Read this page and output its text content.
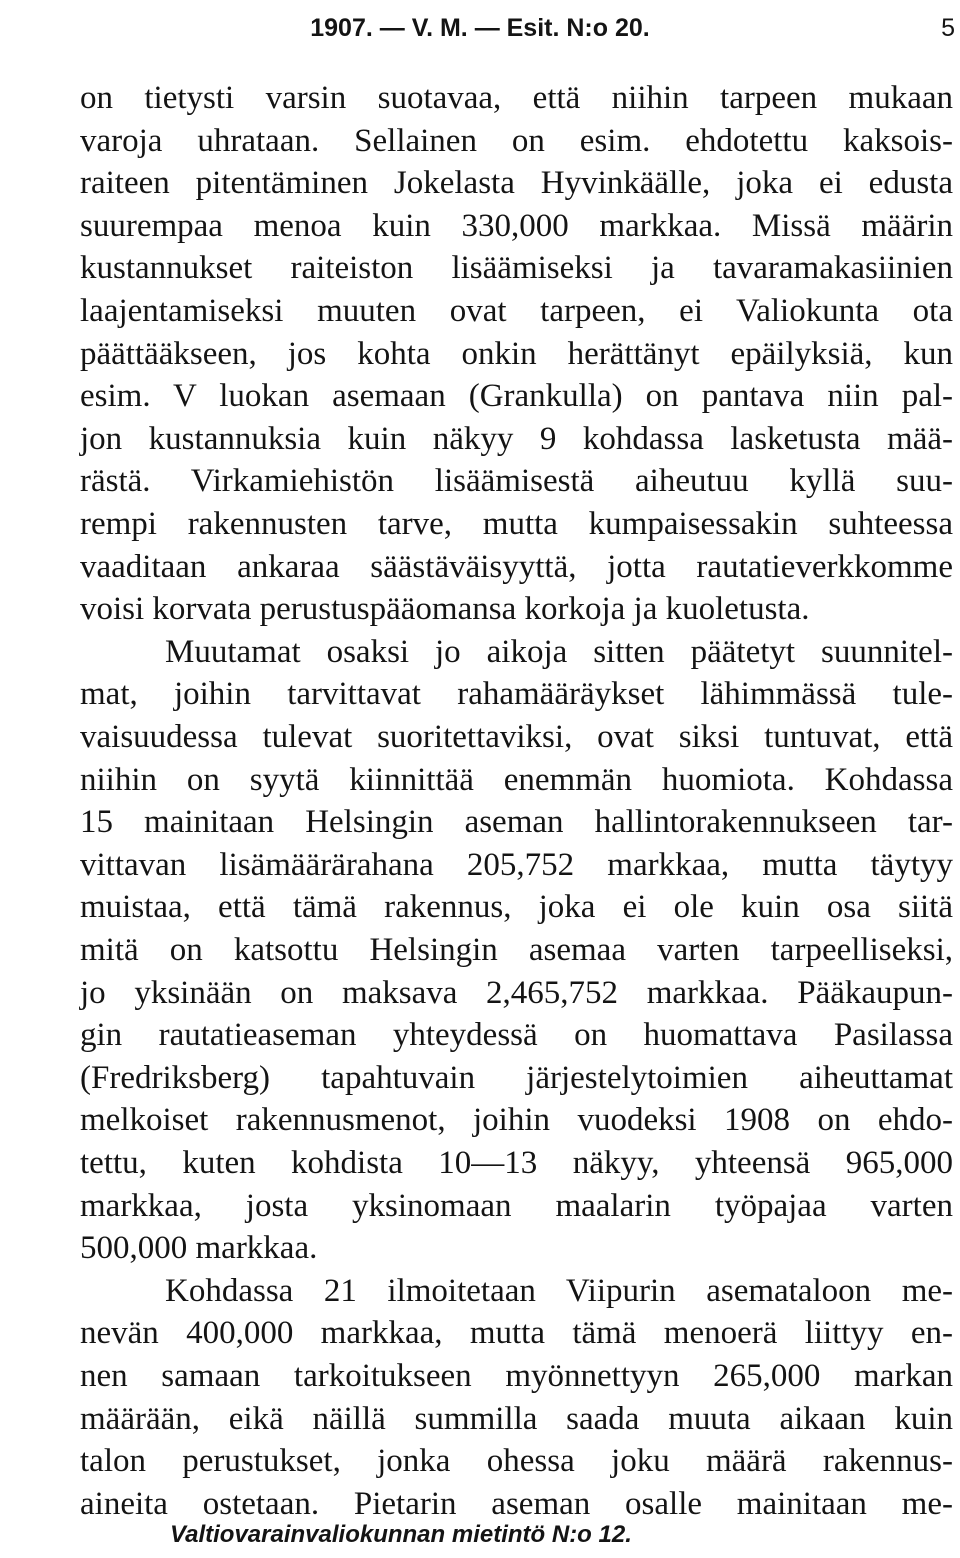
1907. — V. M. — Esit. N:o 20.	5
on tietysti varsin suotavaa, että niihin tarpeen mukaan
varoja uhrataan. Sellainen on esim. ehdotettu kaksois-
raiteen pitentäminen Jokelasta Hyvinkäälle, joka ei edusta
suurempaa menoa kuin 330,000 markkaa. Missä määrin
kustannukset raiteiston lisäämiseksi ja tavaramakasiinien
laajentamiseksi muuten ovat tarpeen, ei Valiokunta ota
päättääkseen, jos kohta onkin herättänyt epäilyksiä, kun
esim. V luokan asemaan (Grankulla) on pantava niin pal-
jon kustannuksia kuin näkyy 9 kohdassa lasketusta mää-
rästä. Virkamiehistön lisäämisestä aiheutuu kyllä suu-
rempi rakennusten tarve, mutta kumpaisessakin suhteessa
vaaditaan ankaraa säästäväisyyttä, jotta rautatieverkkomme
voisi korvata perustuspääomansa korkoja ja kuoletusta.
Muutamat osaksi jo aikoja sitten päätetyt suunnitel-
mat, joihin tarvittavat rahamääräykset lähimmässä tule-
vaisuudessa tulevat suoritettaviksi, ovat siksi tuntuvat, että
niihin on syytä kiinnittää enemmän huomiota. Kohdassa
15 mainitaan Helsingin aseman hallintorakennukseen tar-
vittavan lisämäärärahana 205,752 markkaa, mutta täytyy
muistaa, että tämä rakennus, joka ei ole kuin osa siitä
mitä on katsottu Helsingin asemaa varten tarpeelliseksi,
jo yksinään on maksava 2,465,752 markkaa. Pääkaupun-
gin rautatieaseman yhteydessä on huomattava Pasilassa
(Fredriksberg) tapahtuvain järjestelytoimien aiheuttamat
melkoiset rakennusmenot, joihin vuodeksi 1908 on ehdo-
tettu, kuten kohdista 10—13 näkyy, yhteensä 965,000
markkaa, josta yksinomaan maalarin työpajaa varten
500,000 markkaa.
Kohdassa 21 ilmoitetaan Viipurin asemataloon me-
nevän 400,000 markkaa, mutta tämä menoerä liittyy en-
nen samaan tarkoitukseen myönnettyyn 265,000 markan
määrään, eikä näillä summilla saada muuta aikaan kuin
talon perustukset, jonka ohessa joku määrä rakennus-
aineita ostetaan. Pietarin aseman osalle mainitaan me-
Valtiovarainvaliokunnan mietintö N:o 12.
